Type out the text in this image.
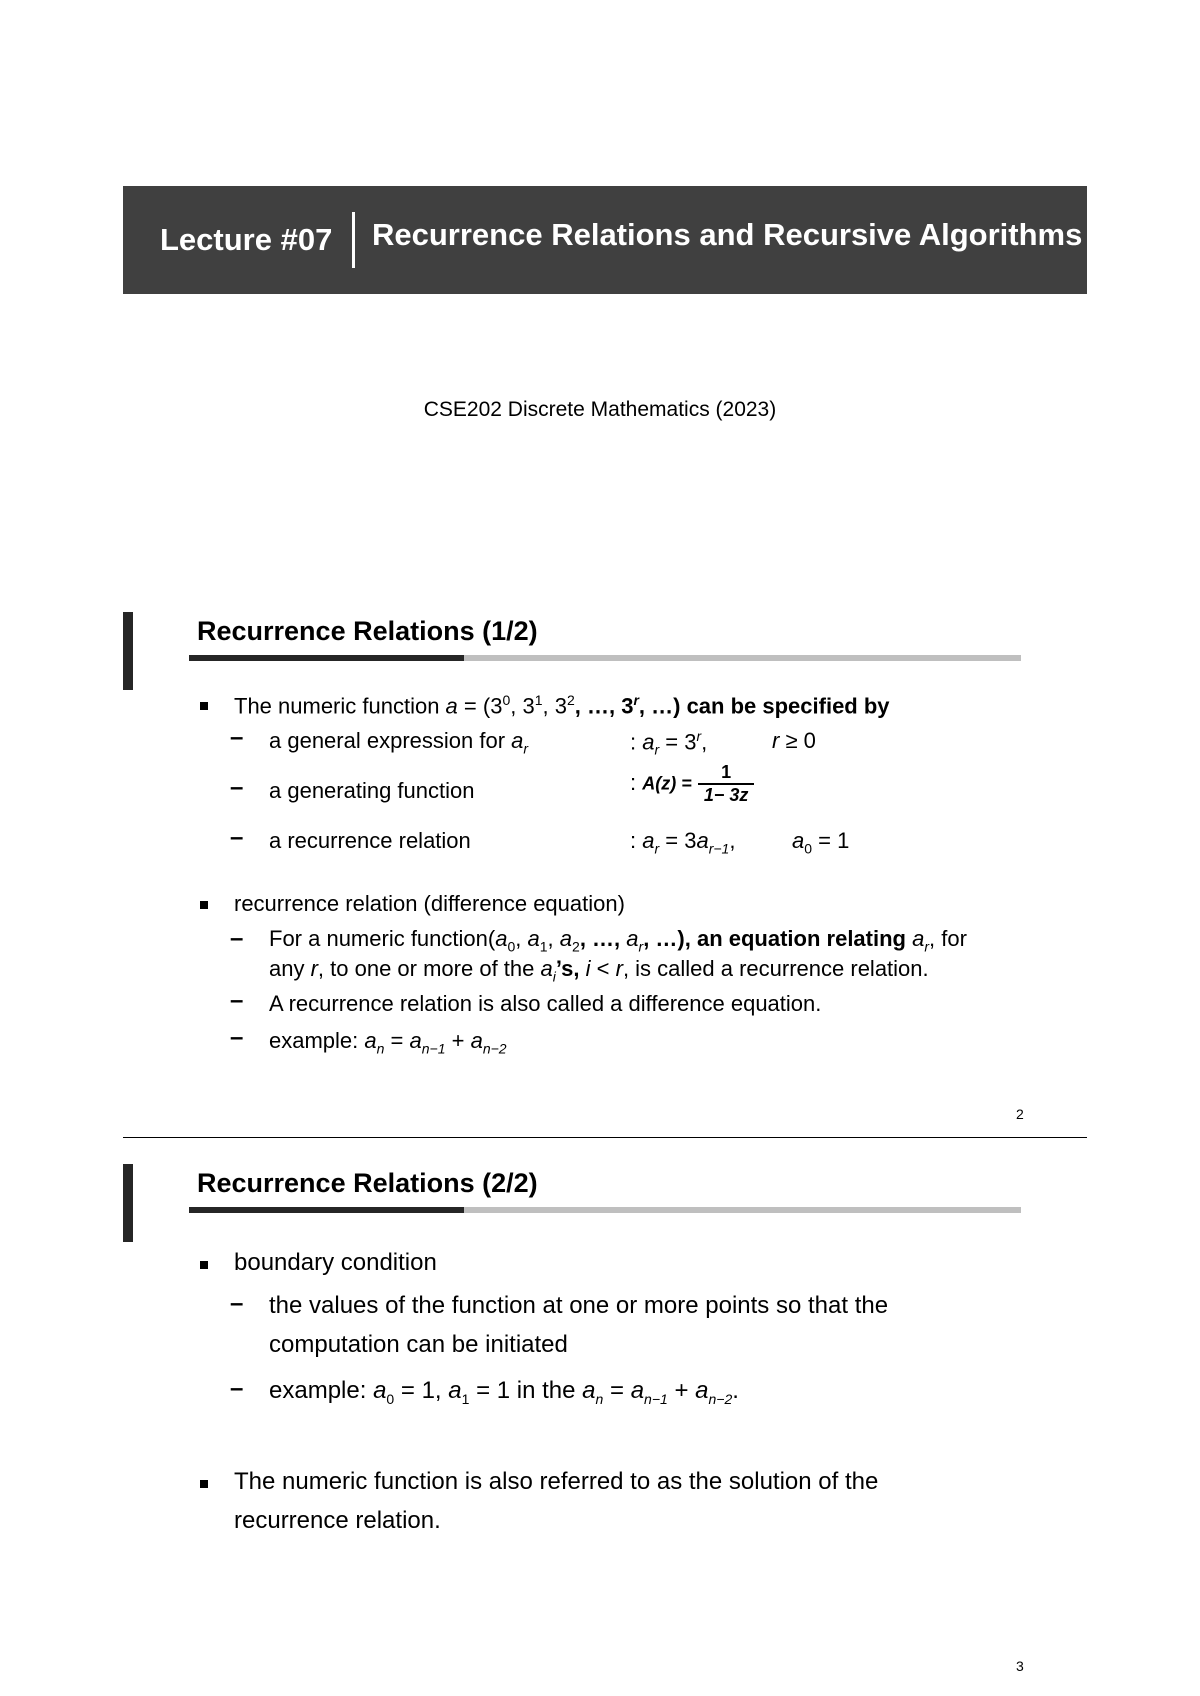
Lecture #07 Recurrence Relations and Recursive Algorithms
CSE202 Discrete Mathematics (2023)
Recurrence Relations (1/2)
The numeric function $a = (3^0$, $3^1$, $3^2$, …, 3$^r$, …) can be specified by
– a general expression for $a_r$	: $a_r = 3^r$,	r ≥ 0
– a generating function	: $A(z) = \frac{1}{1- 3z}$
– a recurrence relation	: $a_r = 3a_{r-1}$,	$a_0 = 1$
recurrence relation (difference equation)
– For a numeric $function(a_0$, $a_1$, $a_2$, …, $a_r$, …), an equation relating $a_r$, for
any r, to one or more of the $a_i’s$, i < r, is called a recurrence relation.
– A recurrence relation is also called a difference equation.
– example: $a_n = a_{n-1} + a_{n-2}$
2
Recurrence Relations (2/2)
boundary condition
– the values of the function at one or more points so that the
computation can be initiated
– example: $a_0 = 1$, $a_1 = 1$ in the $a_n = a_{n-1} + a_{n-2}$.
The numeric function is also referred to as the solution of the
recurrence relation.
3
